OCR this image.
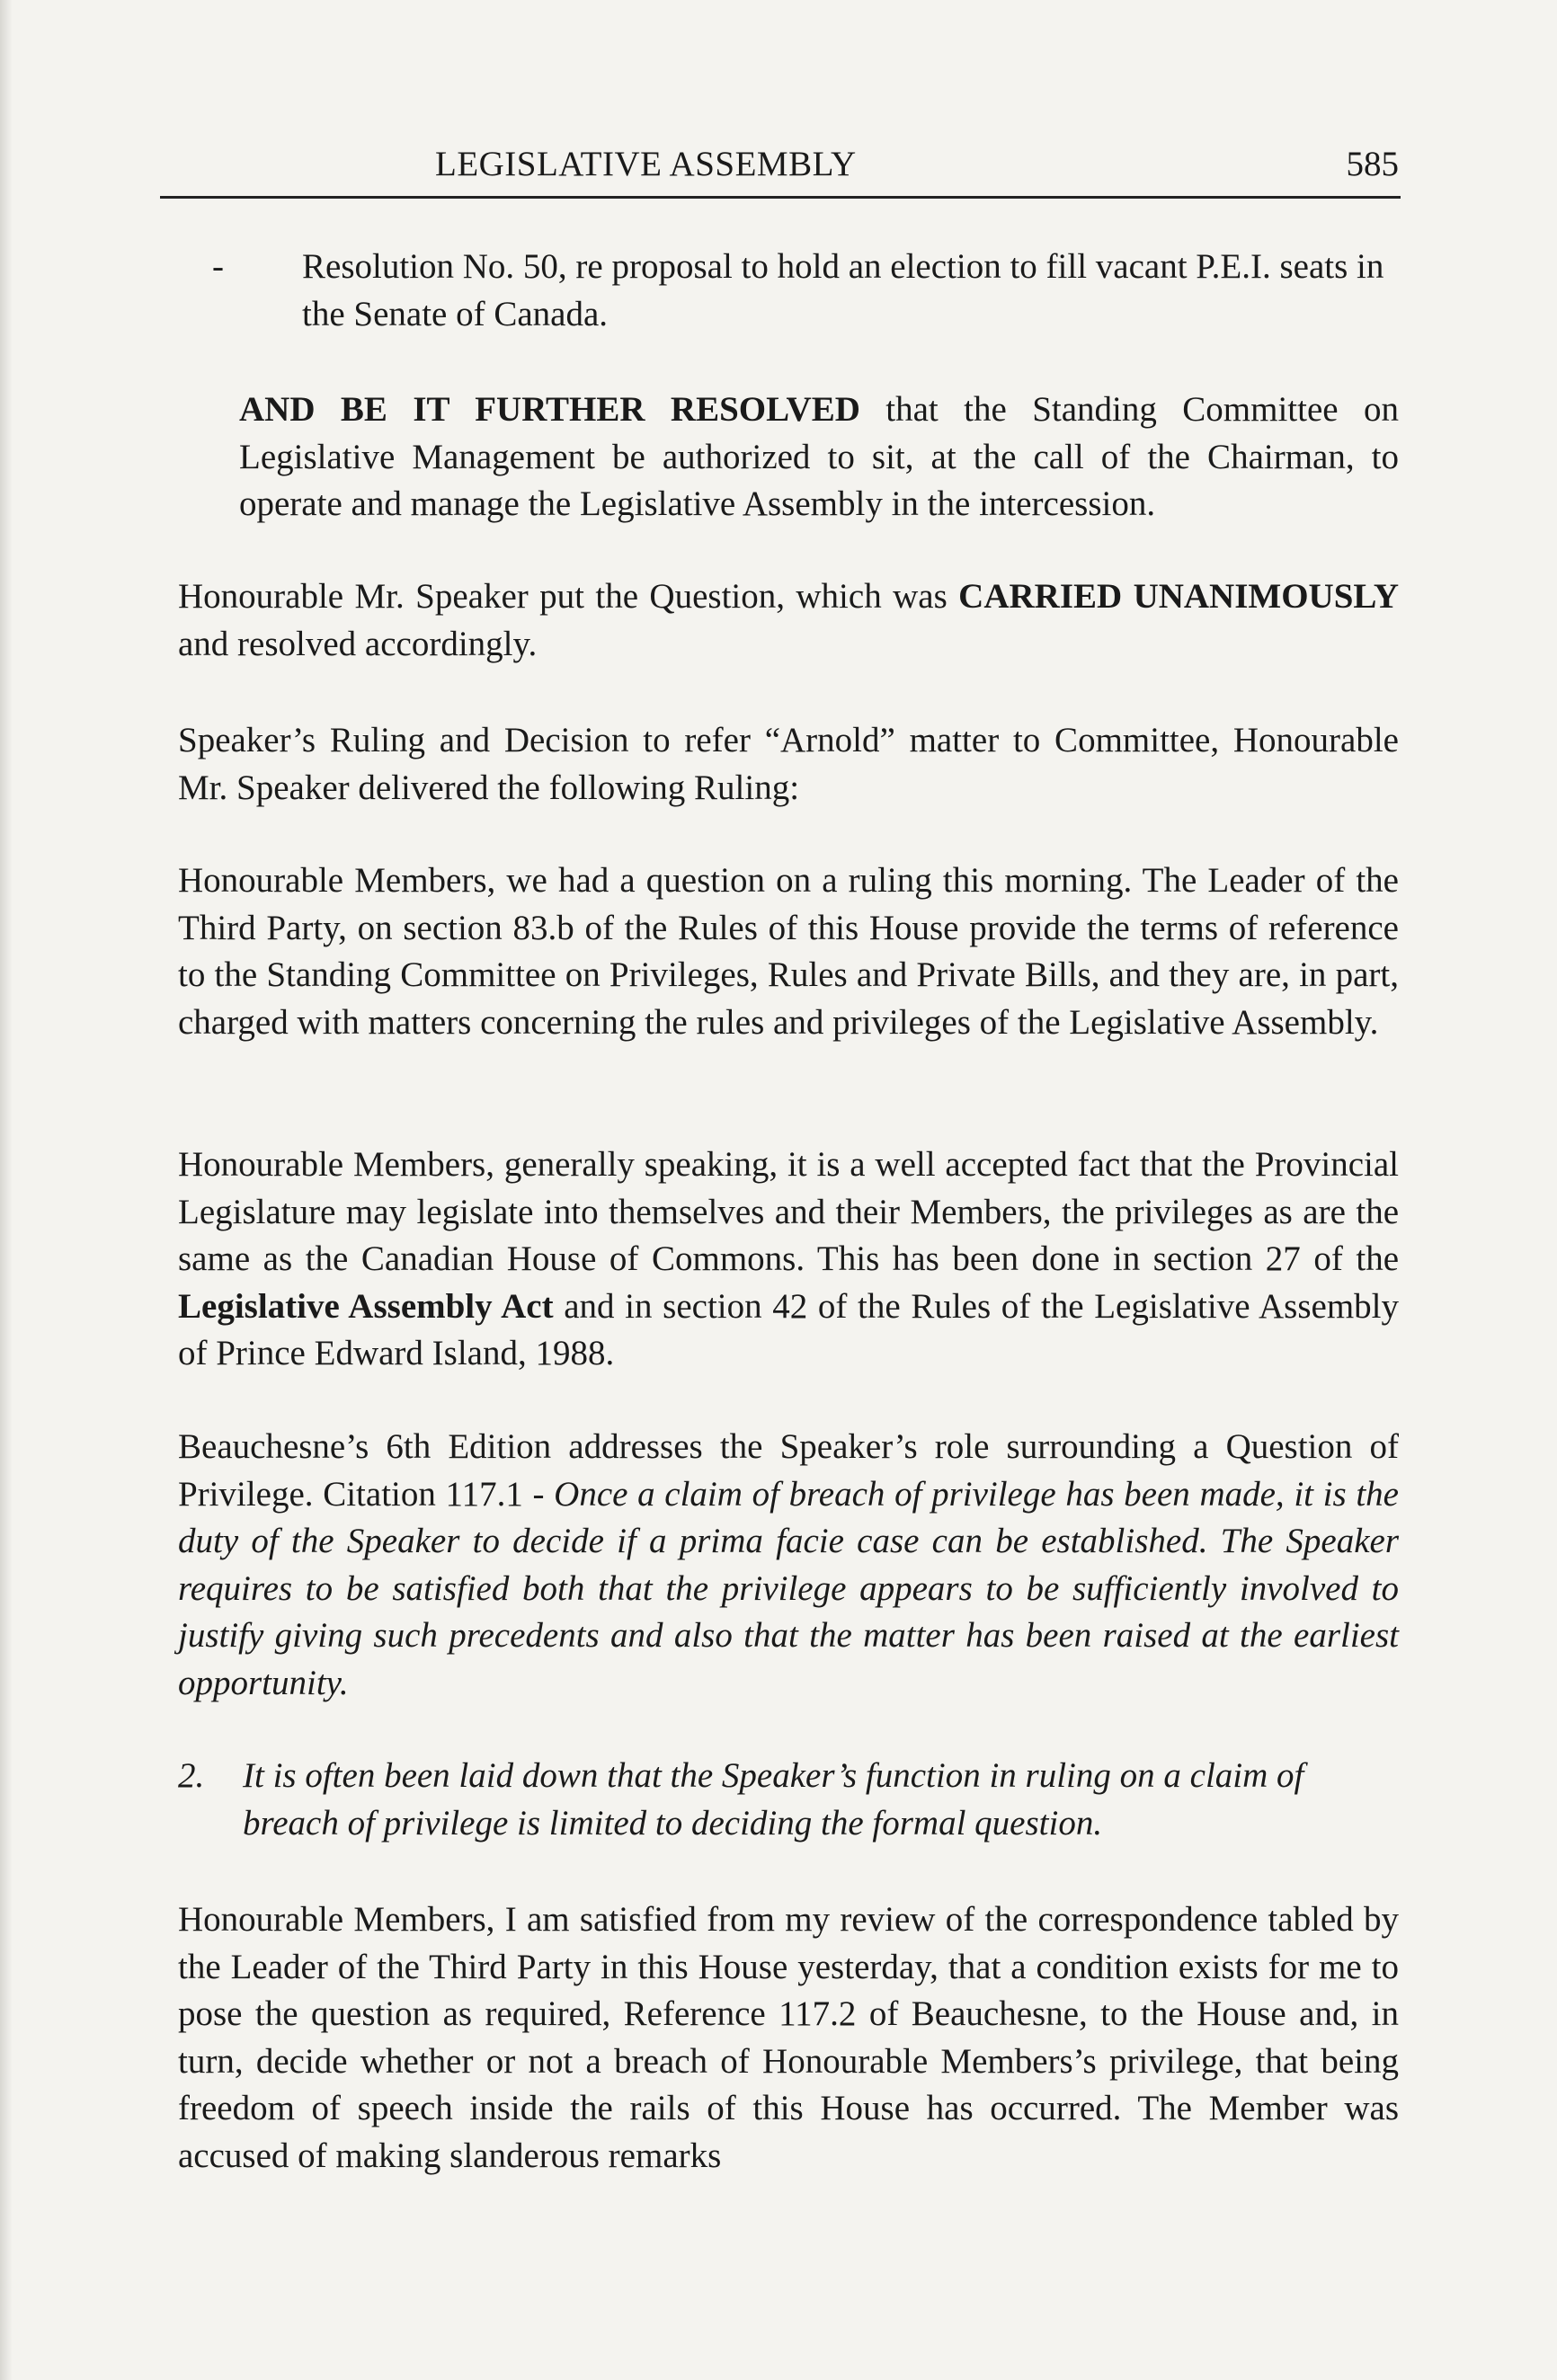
LEGISLATIVE ASSEMBLY	585
- Resolution No. 50, re proposal to hold an election to fill vacant P.E.I. seats in the Senate of Canada.
AND BE IT FURTHER RESOLVED that the Standing Committee on Legislative Management be authorized to sit, at the call of the Chairman, to operate and manage the Legislative Assembly in the intercession.

Honourable Mr. Speaker put the Question, which was CARRIED UNANIMOUSLY and resolved accordingly.

Speaker’s Ruling and Decision to refer “Arnold” matter to Committee, Honourable Mr. Speaker delivered the following Ruling:

Honourable Members, we had a question on a ruling this morning. The Leader of the Third Party, on section 83.b of the Rules of this House provide the terms of reference to the Standing Committee on Privileges, Rules and Private Bills, and they are, in part, charged with matters concerning the rules and privileges of the Legislative Assembly.

Honourable Members, generally speaking, it is a well accepted fact that the Provincial Legislature may legislate into themselves and their Members, the privileges as are the same as the Canadian House of Commons. This has been done in section 27 of the Legislative Assembly Act and in section 42 of the Rules of the Legislative Assembly of Prince Edward Island, 1988.

Beauchesne’s 6th Edition addresses the Speaker’s role surrounding a Question of Privilege. Citation 117.1 - Once a claim of breach of privilege has been made, it is the duty of the Speaker to decide if a prima facie case can be established. The Speaker requires to be satisfied both that the privilege appears to be sufficiently involved to justify giving such precedents and also that the matter has been raised at the earliest opportunity.

2. It is often been laid down that the Speaker’s function in ruling on a claim of breach of privilege is limited to deciding the formal question.

Honourable Members, I am satisfied from my review of the correspondence tabled by the Leader of the Third Party in this House yesterday, that a condition exists for me to pose the question as required, Reference 117.2 of Beauchesne, to the House and, in turn, decide whether or not a breach of Honourable Members’s privilege, that being freedom of speech inside the rails of this House has occurred. The Member was accused of making slanderous remarks
